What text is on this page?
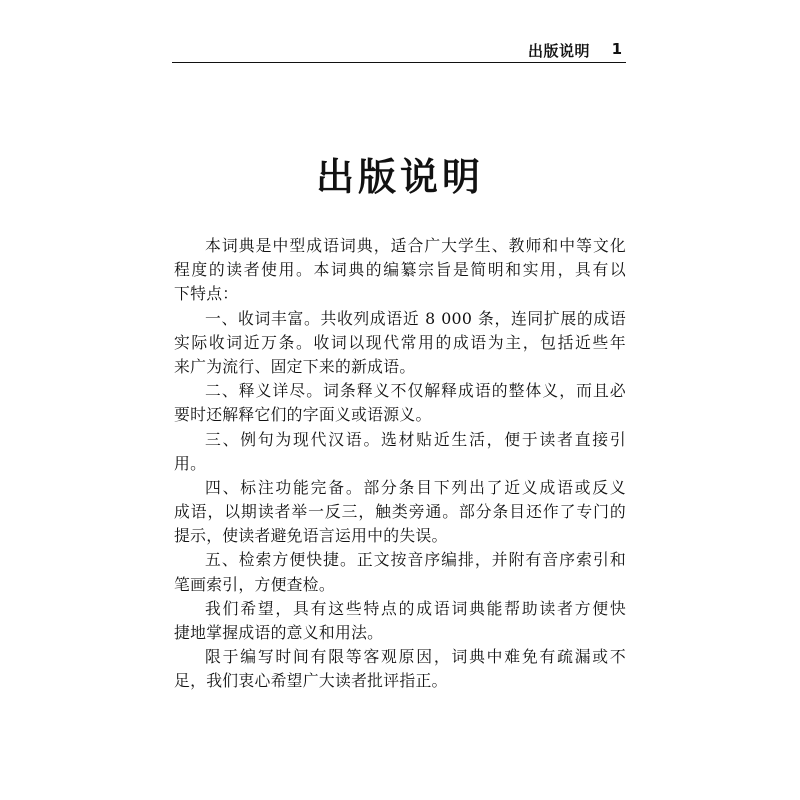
出版说明 1
出版说明
本词典是中型成语词典，适合广大学生、教师和中等文化
程度的读者使用。本词典的编纂宗旨是简明和实用，具有以
下特点：
一、收词丰富。共收列成语近 8 000 条，连同扩展的成语
实际收词近万条。收词以现代常用的成语为主，包括近些年
来广为流行、固定下来的新成语。
二、释义详尽。词条释义不仅解释成语的整体义，而且必
要时还解释它们的字面义或语源义。
三、例句为现代汉语。选材贴近生活，便于读者直接引
用。
四、标注功能完备。部分条目下列出了近义成语或反义
成语，以期读者举一反三，触类旁通。部分条目还作了专门的
提示，使读者避免语言运用中的失误。
五、检索方便快捷。正文按音序编排，并附有音序索引和
笔画索引，方便查检。
我们希望，具有这些特点的成语词典能帮助读者方便快
捷地掌握成语的意义和用法。
限于编写时间有限等客观原因，词典中难免有疏漏或不
足，我们衷心希望广大读者批评指正。
